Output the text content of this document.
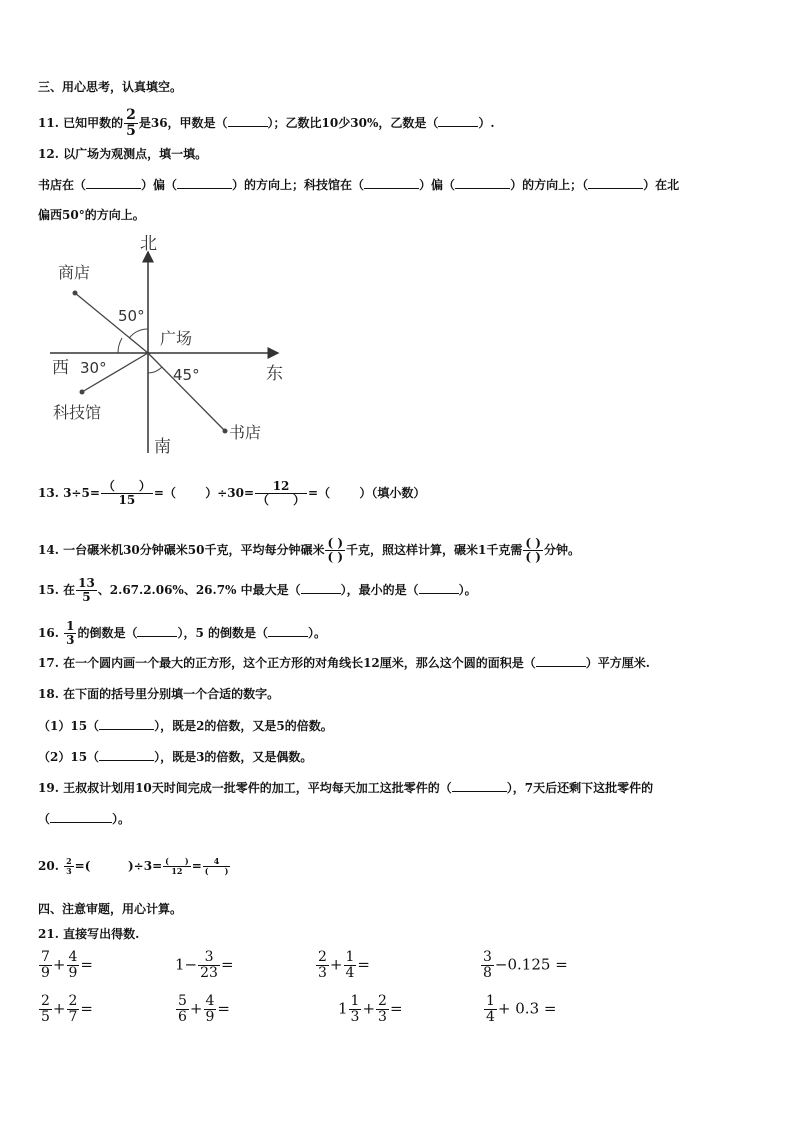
三、用心思考，认真填空。
11. 已知甲数的 $\frac{2}{5}$ 是36，甲数是（	）；乙数比10少30%，乙数是（	）.
12. 以广场为观测点，填一填。
书店在（	）偏（	）的方向上；科技馆在（	）偏（	）的方向上；（	）在北
偏西50°的方向上。
北
南
东
西
广场
商店
科技馆
书店
50°
30°	45°
13. $3\div 5= \frac{( )}{15}$ =（ ）$\div 30= \frac{12}{( )}$ =（ ）（填小数）
14. 一台碾米机30分钟碾米50千克，平均每分钟碾米 $\frac{( )}{( )}$ 千克，照这样计算，碾米1千克需 $\frac{( )}{( )}$ 分钟。
15. 在 $\frac{13}{5}$ 、2.67.2.06%、26.7% 中最大是（	），最小的是（	）。
16. $\frac{1}{3}$ 的倒数是（	），5 的倒数是（	）。
17. 在一个圆内画一个最大的正方形，这个正方形的对角线长12厘米，那么这个圆的面积是（	）平方厘米.
18. 在下面的括号里分别填一个合适的数字。
（1）15（	），既是2的倍数，又是5的倍数。
（2）15（	），既是3的倍数，又是偶数。
19. 王叔叔计划用10天时间完成一批零件的加工，平均每天加工这批零件的（	），7天后还剩下这批零件的
（	）。
20. $\frac{2}{3}$ =(	)$\div 3= \frac{( )}{12} = \frac{4}{( )}$
四、注意审题，用心计算。
21. 直接写出得数.
$\frac{7}{9} + \frac{4}{9}$ =	$1- \frac{3}{23}$ =	$\frac{2}{3} + \frac{1}{4}$ =	$\frac{3}{8} -0.125$ =
$\frac{2}{5} + \frac{2}{7}$ =	$\frac{5}{6} + \frac{4}{9}$ =	$1 \frac{1}{3} + \frac{2}{3}$ =	$\frac{1}{4} + 0.3$ =
